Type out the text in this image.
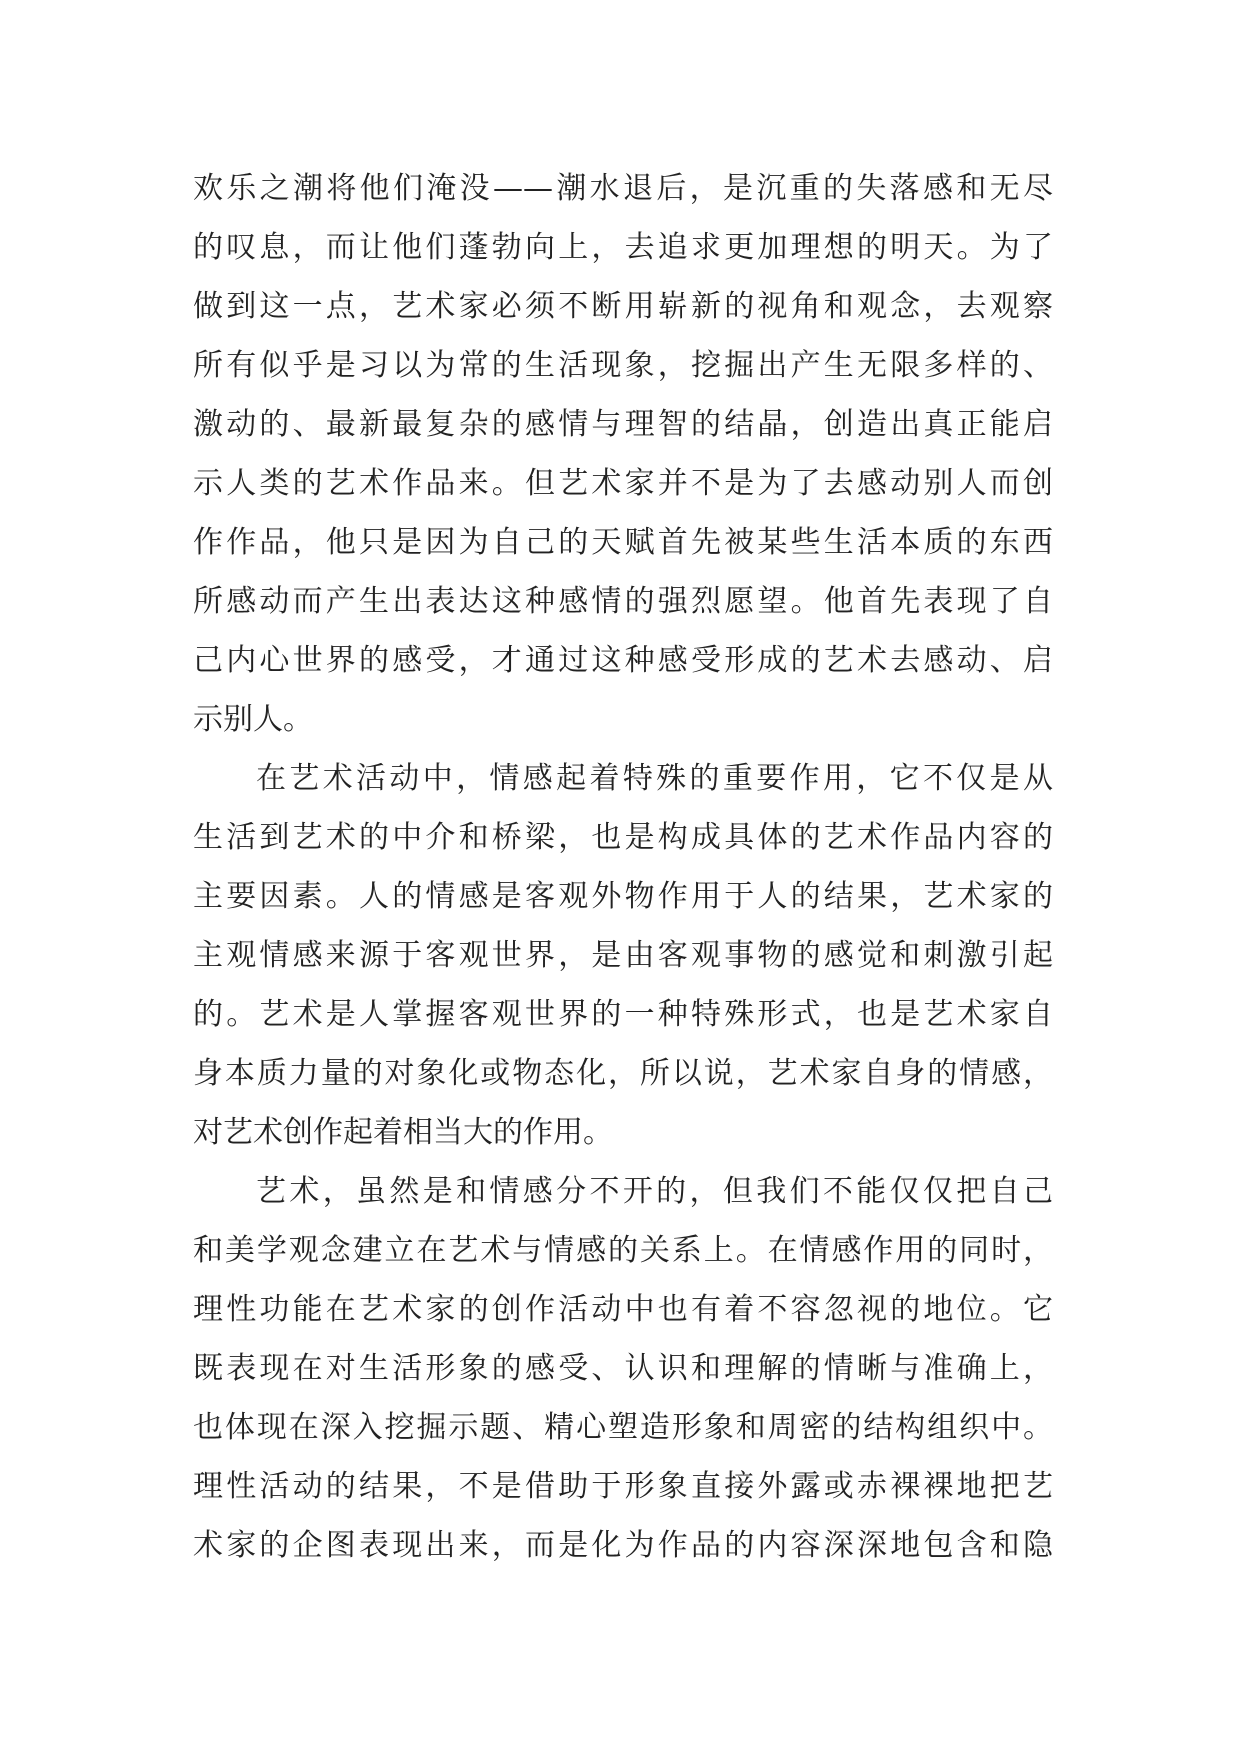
欢乐之潮将他们淹没——潮水退后，是沉重的失落感和无尽
的叹息，而让他们蓬勃向上，去追求更加理想的明天。为了
做到这一点，艺术家必须不断用崭新的视角和观念，去观察
所有似乎是习以为常的生活现象，挖掘出产生无限多样的、
激动的、最新最复杂的感情与理智的结晶，创造出真正能启
示人类的艺术作品来。但艺术家并不是为了去感动别人而创
作作品，他只是因为自己的天赋首先被某些生活本质的东西
所感动而产生出表达这种感情的强烈愿望。他首先表现了自
己内心世界的感受，才通过这种感受形成的艺术去感动、启
示别人。
在艺术活动中，情感起着特殊的重要作用，它不仅是从
生活到艺术的中介和桥梁，也是构成具体的艺术作品内容的
主要因素。人的情感是客观外物作用于人的结果，艺术家的
主观情感来源于客观世界，是由客观事物的感觉和刺激引起
的。艺术是人掌握客观世界的一种特殊形式，也是艺术家自
身本质力量的对象化或物态化，所以说，艺术家自身的情感，
对艺术创作起着相当大的作用。
艺术，虽然是和情感分不开的，但我们不能仅仅把自己
和美学观念建立在艺术与情感的关系上。在情感作用的同时，
理性功能在艺术家的创作活动中也有着不容忽视的地位。它
既表现在对生活形象的感受、认识和理解的情晰与准确上，
也体现在深入挖掘示题、精心塑造形象和周密的结构组织中。
理性活动的结果，不是借助于形象直接外露或赤裸裸地把艺
术家的企图表现出来，而是化为作品的内容深深地包含和隐
